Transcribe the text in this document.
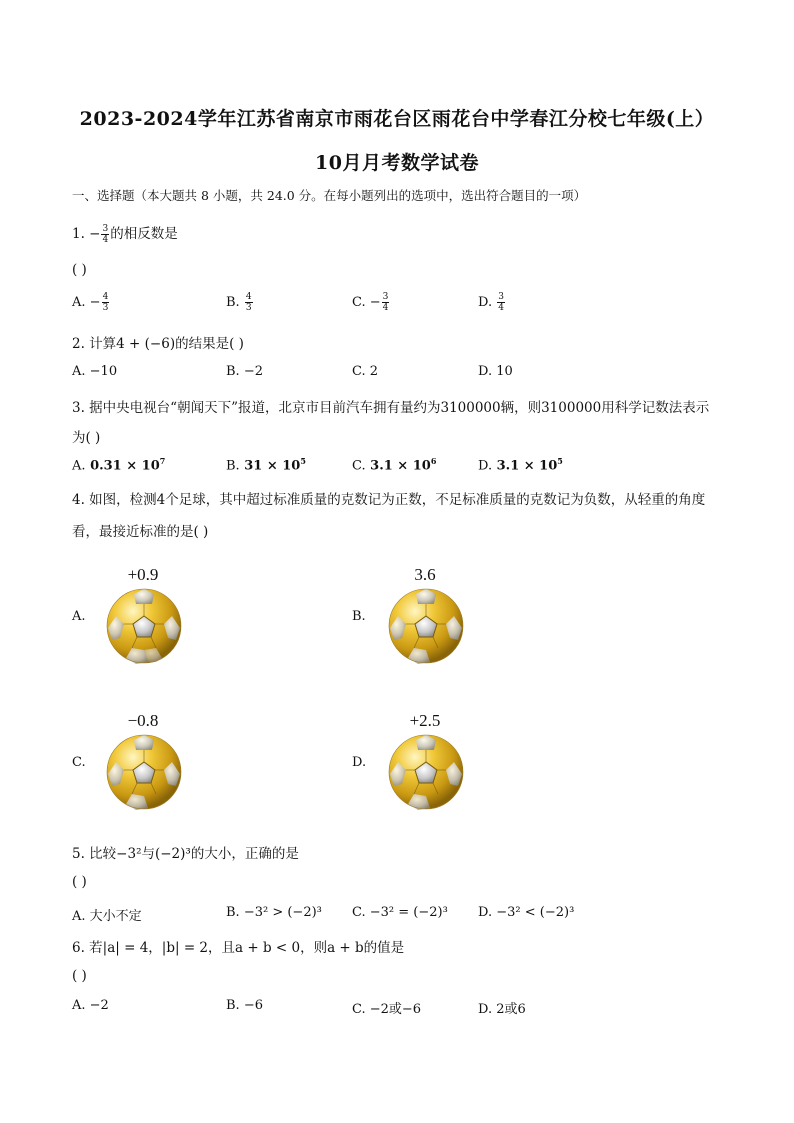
2023-2024学年江苏省南京市雨花台区雨花台中学春江分校七年级(上）
10月月考数学试卷
一、选择题（本大题共 8 小题，共 24.0 分。在每小题列出的选项中，选出符合题目的一项）
1. − $\frac{3}{4}$ 的相反数是
( )
A. − $\frac{4}{3}$	B. $\frac{4}{3}$	C. − $\frac{3}{4}$	D. $\frac{3}{4}$
2. 计算4 + (−6)的结果是( )
A. −10	B. −2	C. 2	D. 10
3. 据中央电视台“朝闻天下”报道，北京市目前汽车拥有量约为3100000辆，则3100000用科学记数法表示
为( )
A. $0.31 \times 10^7$	B. $31 \times 10^5$	C. $3.1 \times 10^6$	D. $3.1 \times 10^5$
4. 如图，检测4个足球，其中超过标准质量的克数记为正数，不足标准质量的克数记为负数，从轻重的角度
看，最接近标准的是( )
A.
+0.9
B.
3.6
C.
−0.8
D.
+2.5
5. 比较−3²与(−2)³的大小，正确的是
( )
A. 大小不定	B. −3² > (−2)³ C. −3² = (−2)³ D. −3² < (−2)³
6. 若|a| = 4，|b| = 2，且a + b < 0，则a + b的值是
( )
A. −2	B. −6	C. −2或−6	D. 2或6
